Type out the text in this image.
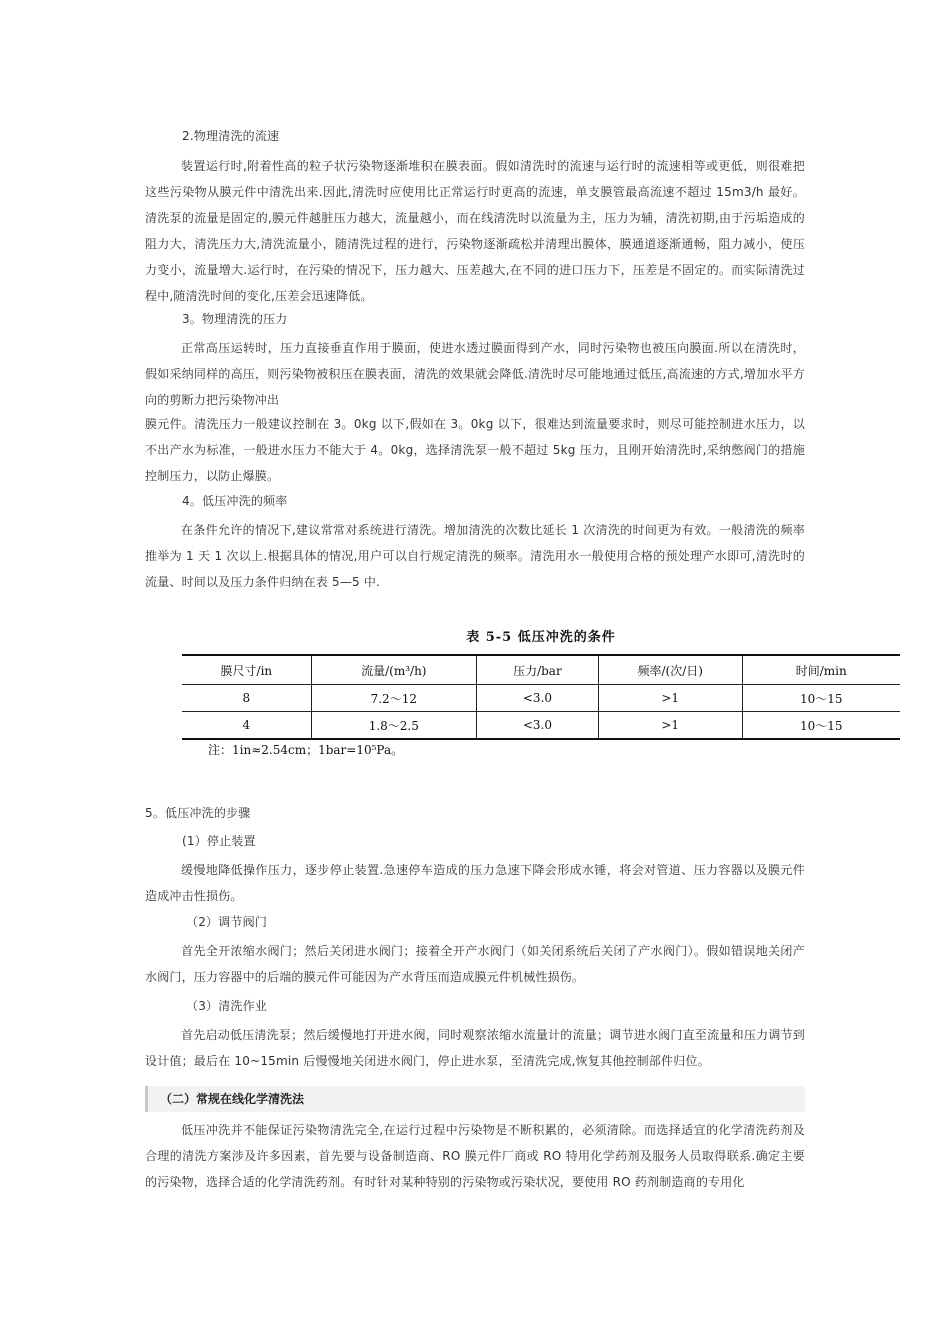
2.物理清洗的流速

装置运行时,附着性高的粒子状污染物逐渐堆积在膜表面。假如清洗时的流速与运行时的流速相等或更低，则很难把这些污染物从膜元件中清洗出来.因此,清洗时应使用比正常运行时更高的流速，单支膜管最高流速不超过 15m3/h 最好。清洗泵的流量是固定的,膜元件越脏压力越大，流量越小，而在线清洗时以流量为主，压力为辅，清洗初期,由于污垢造成的阻力大，清洗压力大,清洗流量小，随清洗过程的进行，污染物逐渐疏松并清理出膜体，膜通道逐渐通畅，阻力减小，使压力变小，流量增大.运行时，在污染的情况下，压力越大、压差越大,在不同的进口压力下，压差是不固定的。而实际清洗过程中,随清洗时间的变化,压差会迅速降低。

3。物理清洗的压力

正常高压运转时，压力直接垂直作用于膜面，使进水透过膜面得到产水，同时污染物也被压向膜面.所以在清洗时，假如采纳同样的高压，则污染物被积压在膜表面，清洗的效果就会降低.清洗时尽可能地通过低压,高流速的方式,增加水平方向的剪断力把污染物冲出

膜元件。清洗压力一般建议控制在 3。0kg 以下,假如在 3。0kg 以下，很难达到流量要求时，则尽可能控制进水压力，以不出产水为标准，一般进水压力不能大于 4。0kg，选择清洗泵一般不超过 5kg 压力，且刚开始清洗时,采纳憋阀门的措施控制压力，以防止爆膜。

4。低压冲洗的频率

在条件允许的情况下,建议常常对系统进行清洗。增加清洗的次数比延长 1 次清洗的时间更为有效。一般清洗的频率推举为 1 天 1 次以上.根据具体的情况,用户可以自行规定清洗的频率。清洗用水一般使用合格的预处理产水即可,清洗时的流量、时间以及压力条件归纳在表 5—5 中.

表 5-5 低压冲洗的条件
膜尺寸/in	流量/(m³/h)	压力/bar	频率/(次/日)	时间/min
8	7.2～12	<3.0	>1	10～15
4	1.8～2.5	<3.0	>1	10～15
注：1in≈2.54cm；1bar=10⁵Pa。

5。低压冲洗的步骤

(1）停止装置

缓慢地降低操作压力，逐步停止装置.急速停车造成的压力急速下降会形成水锤，将会对管道、压力容器以及膜元件造成冲击性损伤。

（2）调节阀门

首先全开浓缩水阀门；然后关闭进水阀门；接着全开产水阀门（如关闭系统后关闭了产水阀门）。假如错误地关闭产水阀门，压力容器中的后端的膜元件可能因为产水背压而造成膜元件机械性损伤。

（3）清洗作业

首先启动低压清洗泵；然后缓慢地打开进水阀，同时观察浓缩水流量计的流量；调节进水阀门直至流量和压力调节到设计值；最后在 10~15min 后慢慢地关闭进水阀门，停止进水泵，至清洗完成,恢复其他控制部件归位。

（二）常规在线化学清洗法

低压冲洗并不能保证污染物清洗完全,在运行过程中污染物是不断积累的，必须清除。而选择适宜的化学清洗药剂及合理的清洗方案涉及许多因素，首先要与设备制造商、RO 膜元件厂商或 RO 特用化学药剂及服务人员取得联系.确定主要的污染物，选择合适的化学清洗药剂。有时针对某种特别的污染物或污染状况，要使用 RO 药剂制造商的专用化
